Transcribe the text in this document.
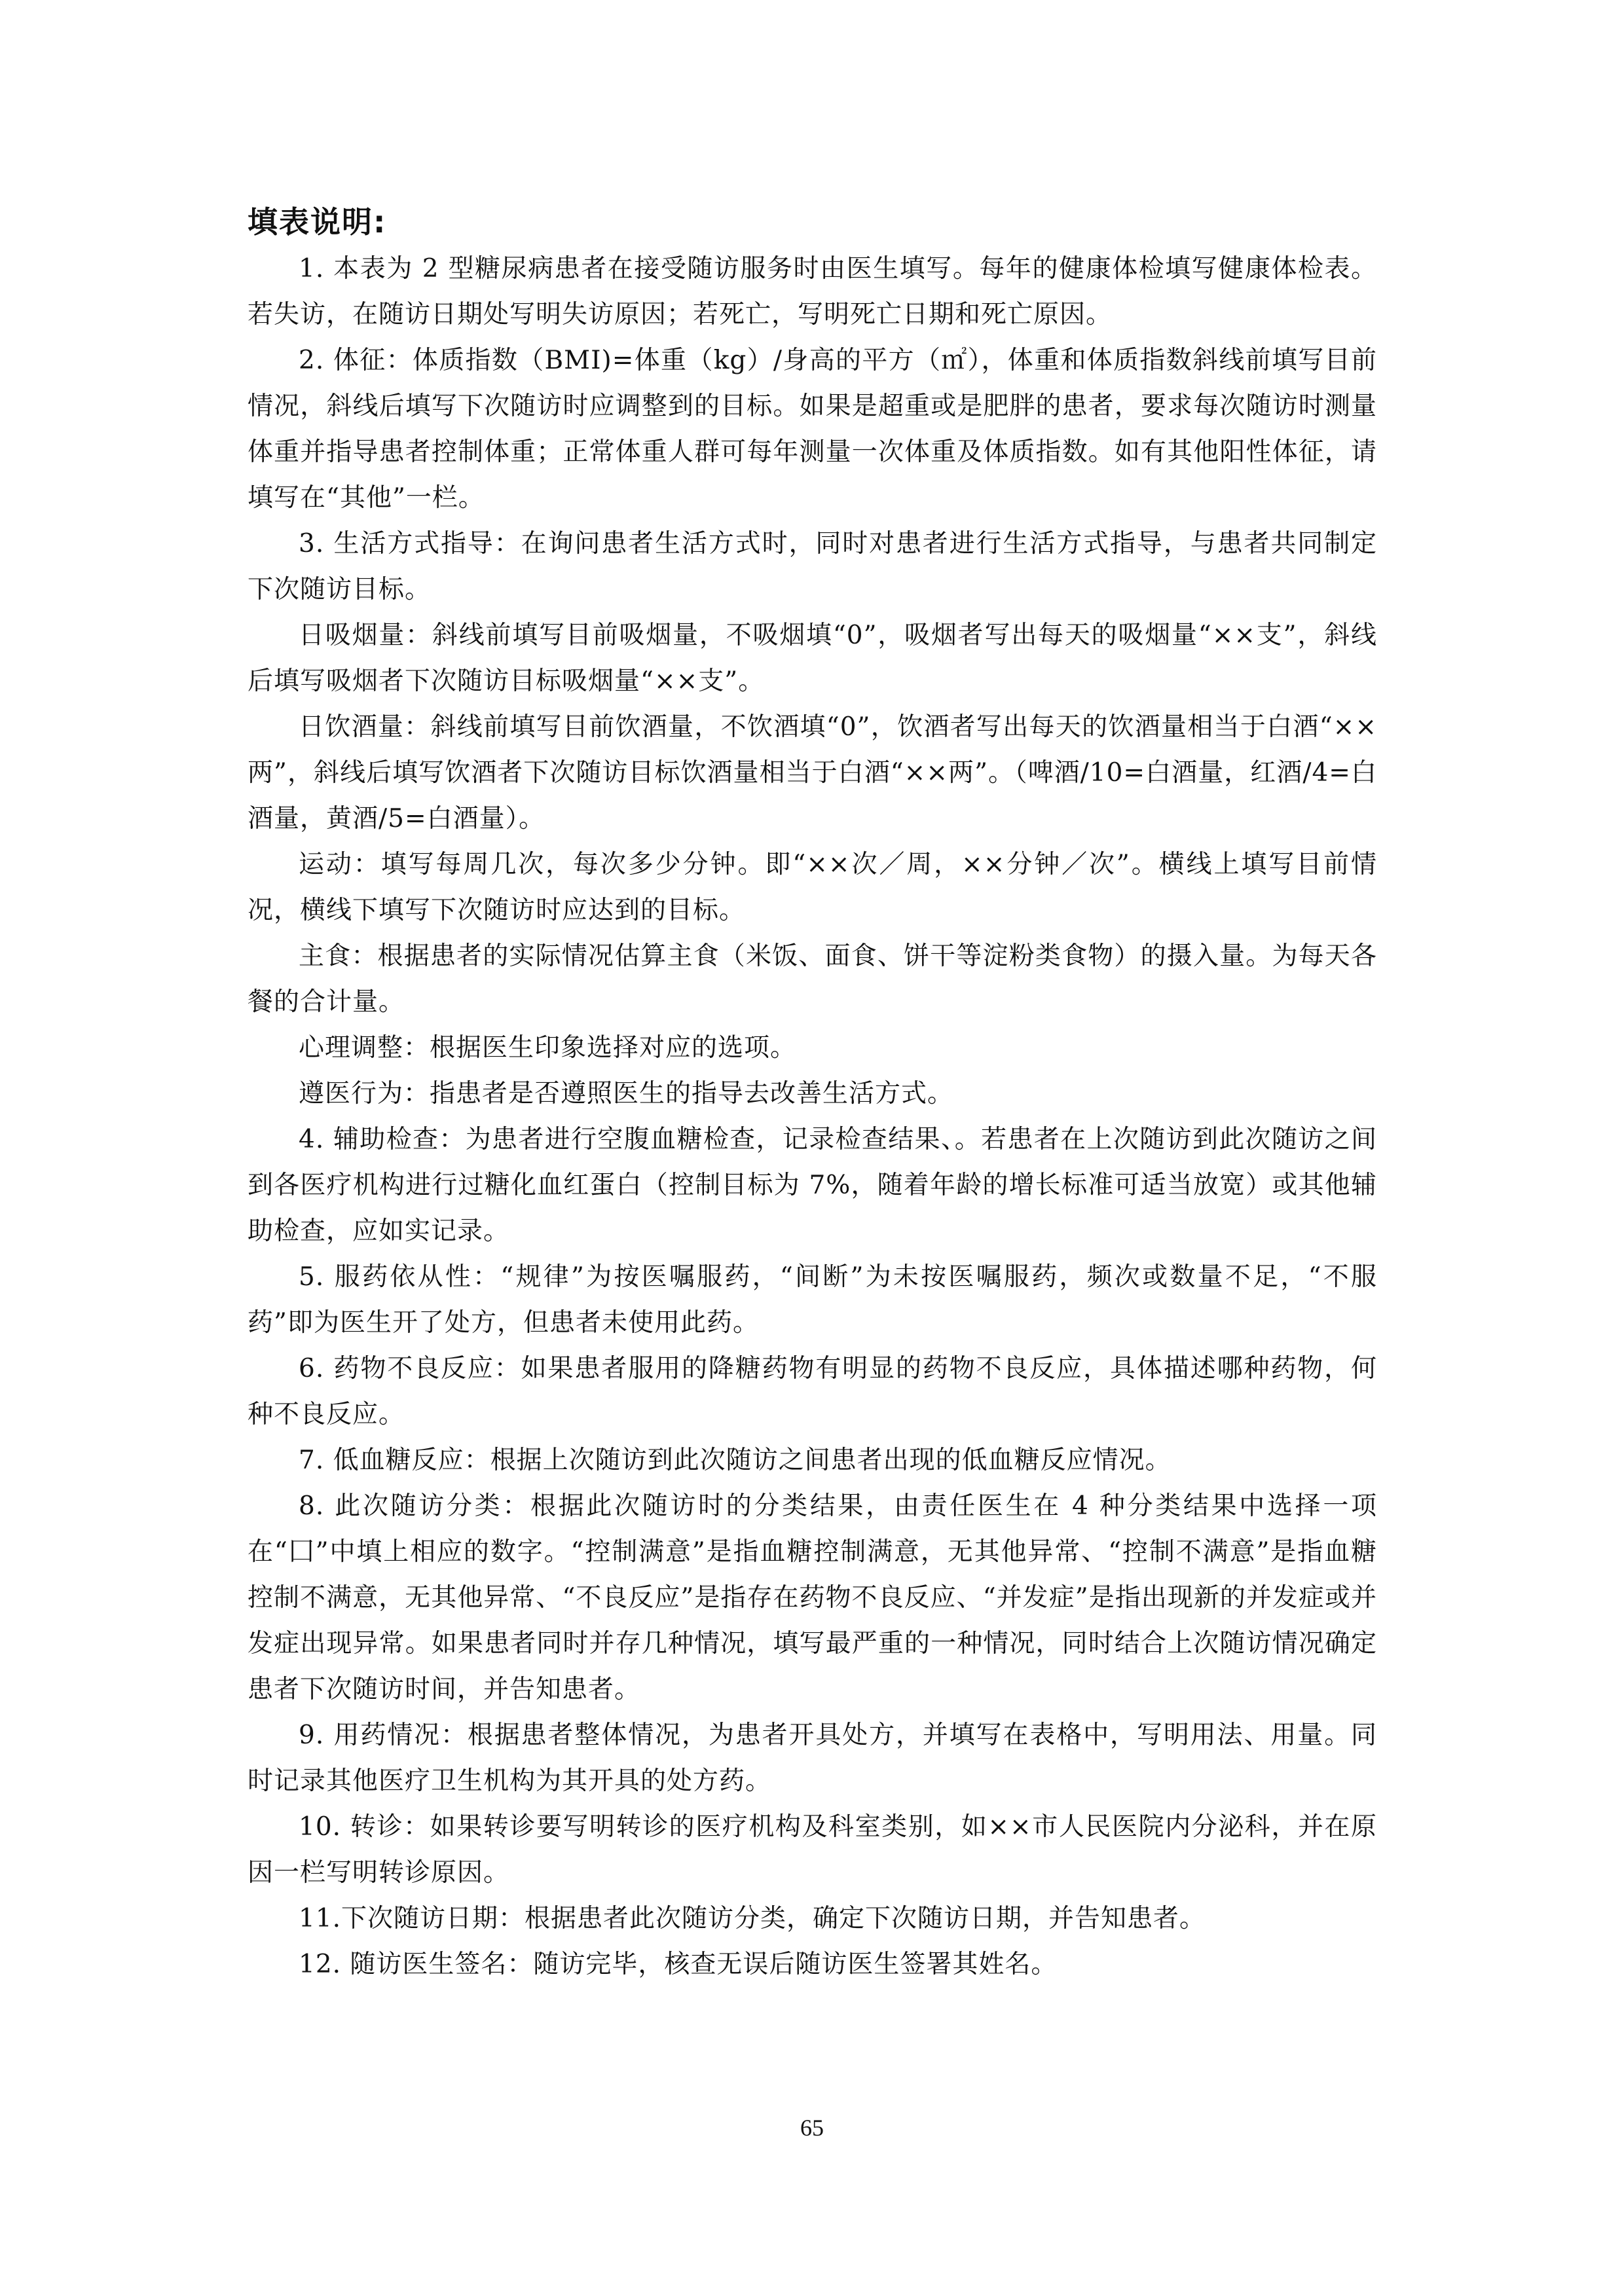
填表说明:

1. 本表为 2 型糖尿病患者在接受随访服务时由医生填写。每年的健康体检填写健康体检表。若失访，在随访日期处写明失访原因；若死亡，写明死亡日期和死亡原因。

2. 体征：体质指数（BMI)=体重（kg）/身高的平方（㎡），体重和体质指数斜线前填写目前情况，斜线后填写下次随访时应调整到的目标。如果是超重或是肥胖的患者，要求每次随访时测量体重并指导患者控制体重；正常体重人群可每年测量一次体重及体质指数。如有其他阳性体征，请填写在“其他”一栏。

3. 生活方式指导：在询问患者生活方式时，同时对患者进行生活方式指导，与患者共同制定下次随访目标。

日吸烟量：斜线前填写目前吸烟量，不吸烟填“0”，吸烟者写出每天的吸烟量“××支”，斜线后填写吸烟者下次随访目标吸烟量“××支”。

日饮酒量：斜线前填写目前饮酒量，不饮酒填“0”，饮酒者写出每天的饮酒量相当于白酒“××两”，斜线后填写饮酒者下次随访目标饮酒量相当于白酒“××两”。（啤酒/10=白酒量，红酒/4=白酒量，黄酒/5=白酒量）。

运动：填写每周几次，每次多少分钟。即“××次／周，××分钟／次”。横线上填写目前情况，横线下填写下次随访时应达到的目标。

主食：根据患者的实际情况估算主食（米饭、面食、饼干等淀粉类食物）的摄入量。为每天各餐的合计量。

心理调整：根据医生印象选择对应的选项。

遵医行为：指患者是否遵照医生的指导去改善生活方式。

4. 辅助检查：为患者进行空腹血糖检查，记录检查结果、。若患者在上次随访到此次随访之间到各医疗机构进行过糖化血红蛋白（控制目标为 7%，随着年龄的增长标准可适当放宽）或其他辅助检查，应如实记录。

5. 服药依从性：“规律”为按医嘱服药，“间断”为未按医嘱服药，频次或数量不足，“不服药”即为医生开了处方，但患者未使用此药。

6. 药物不良反应：如果患者服用的降糖药物有明显的药物不良反应，具体描述哪种药物，何种不良反应。

7. 低血糖反应：根据上次随访到此次随访之间患者出现的低血糖反应情况。

8. 此次随访分类：根据此次随访时的分类结果，由责任医生在 4 种分类结果中选择一项在“囗”中填上相应的数字。“控制满意”是指血糖控制满意，无其他异常、“控制不满意”是指血糖控制不满意，无其他异常、“不良反应”是指存在药物不良反应、“并发症”是指出现新的并发症或并发症出现异常。如果患者同时并存几种情况，填写最严重的一种情况，同时结合上次随访情况确定患者下次随访时间，并告知患者。

9. 用药情况：根据患者整体情况，为患者开具处方，并填写在表格中，写明用法、用量。同时记录其他医疗卫生机构为其开具的处方药。

10. 转诊：如果转诊要写明转诊的医疗机构及科室类别，如××市人民医院内分泌科，并在原因一栏写明转诊原因。

11.下次随访日期：根据患者此次随访分类，确定下次随访日期，并告知患者。

12. 随访医生签名：随访完毕，核查无误后随访医生签署其姓名。

65
